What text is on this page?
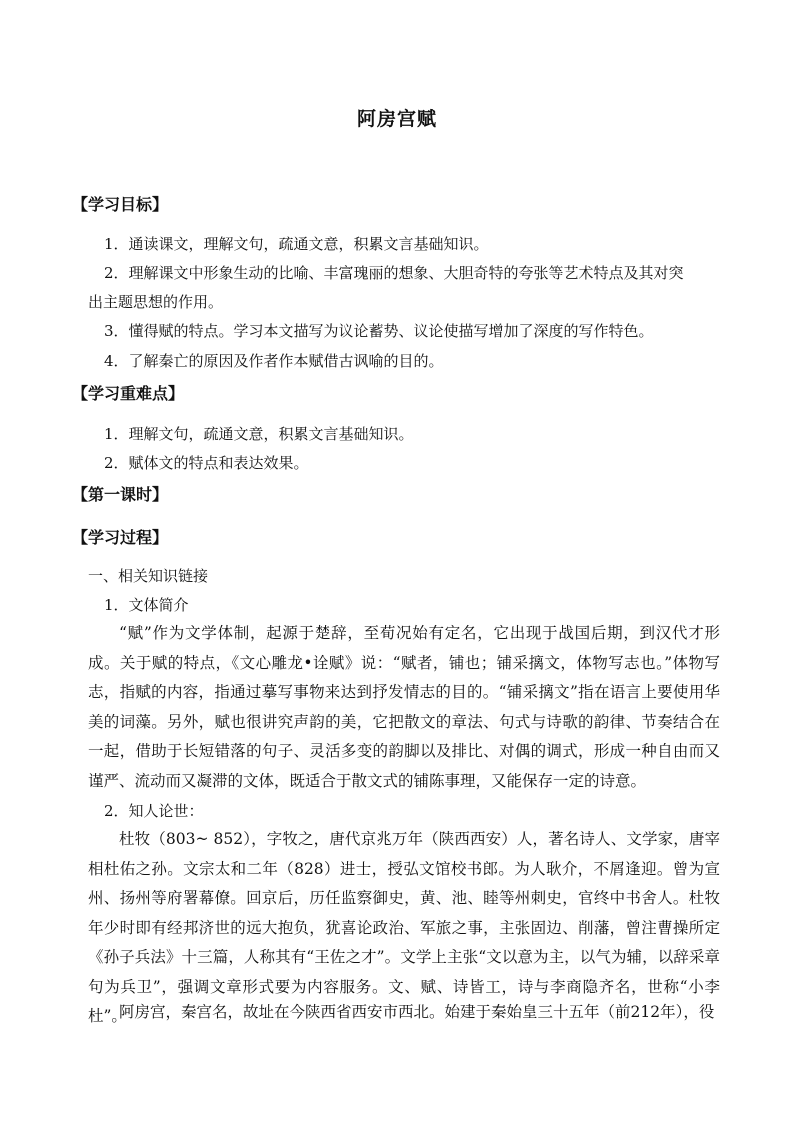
阿房宫赋
【学习目标】
1．通读课文，理解文句，疏通文意，积累文言基础知识。
2．理解课文中形象生动的比喻、丰富瑰丽的想象、大胆奇特的夸张等艺术特点及其对突
出主题思想的作用。
3．懂得赋的特点。学习本文描写为议论蓄势、议论使描写增加了深度的写作特色。
4．了解秦亡的原因及作者作本赋借古讽喻的目的。
【学习重难点】
1．理解文句，疏通文意，积累文言基础知识。
2．赋体文的特点和表达效果。
【第一课时】
【学习过程】
一、相关知识链接
1．文体简介

“赋”作为文学体制，起源于楚辞，至荀况始有定名，它出现于战国后期，到汉代才形成。关于赋的特点，《文心雕龙•诠赋》说：“赋者，铺也；铺采摛文，体物写志也。”体物写志，指赋的内容，指通过摹写事物来达到抒发情志的目的。“铺采摛文”指在语言上要使用华美的词藻。另外，赋也很讲究声韵的美，它把散文的章法、句式与诗歌的韵律、节奏结合在一起，借助于长短错落的句子、灵活多变的韵脚以及排比、对偶的调式，形成一种自由而又谨严、流动而又凝滞的文体，既适合于散文式的铺陈事理，又能保存一定的诗意。

2．知人论世：

杜牧（803~ 852），字牧之，唐代京兆万年（陕西西安）人，著名诗人、文学家，唐宰相杜佑之孙。文宗太和二年（828）进士，授弘文馆校书郎。为人耿介，不屑逢迎。曾为宣州、扬州等府署幕僚。回京后，历任监察御史，黄、池、睦等州刺史，官终中书舍人。杜牧年少时即有经邦济世的远大抱负，犹喜论政治、军旅之事，主张固边、削藩，曾注曹操所定《孙子兵法》十三篇，人称其有“王佐之才”。文学上主张“文以意为主，以气为辅，以辞采章句为兵卫”，强调文章形式要为内容服务。文、赋、诗皆工，诗与李商隐齐名，世称“小李杜”。

阿房宫，秦宫名，故址在今陕西省西安市西北。始建于秦始皇三十五年（前212年），役
